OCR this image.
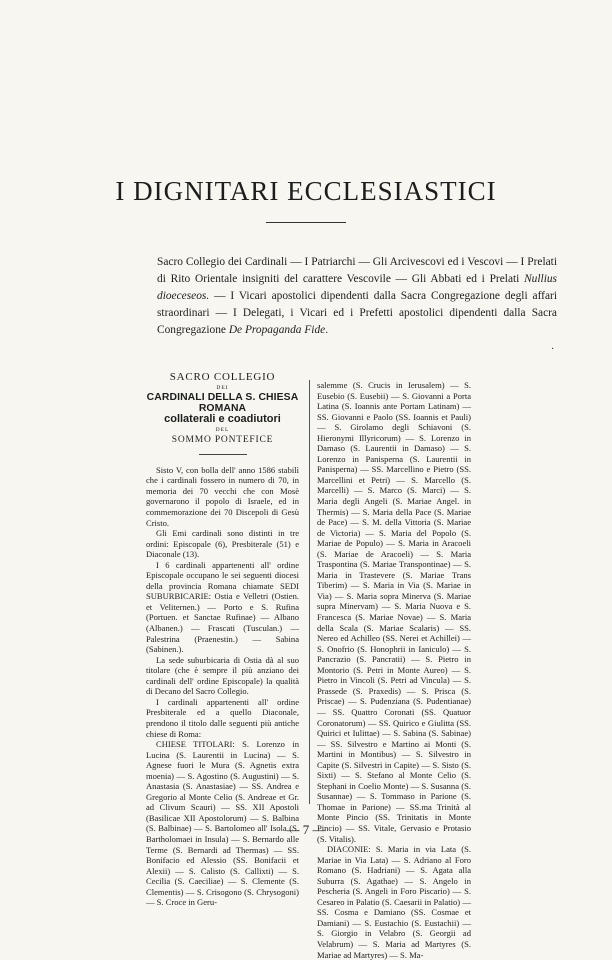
I DIGNITARI ECCLESIASTICI

Sacro Collegio dei Cardinali — I Patriarchi — Gli Arcivescovi ed i Vescovi — I Prelati di Rito Orientale insigniti del carattere Vescovile — Gli Abbati ed i Prelati Nullius dioeceseos. — I Vicari apostolici dipendenti dalla Sacra Congregazione degli affari straordinari — I Delegati, i Vicari ed i Prefetti apostolici dipendenti dalla Sacra Congregazione De Propaganda Fide.

·

SACRO COLLEGIO

DEI

CARDINALI DELLA S. CHIESA ROMANA

collaterali e coadiutori

DEL

SOMMO PONTEFICE

Sisto V, con bolla dell' anno 1586 stabilì che i cardinali fossero in numero di 70, in memoria dei 70 vecchi che con Mosè governarono il popolo di Israele, ed in commemorazione dei 70 Discepoli di Gesù Cristo.

Gli Emi cardinali sono distinti in tre ordini: Episcopale (6), Presbiterale (51) e Diaconale (13).

I 6 cardinali appartenenti all' ordine Episcopale occupano le sei seguenti diocesi della provincia Romana chiamate SEDI SUBURBICARIE: Ostia e Velletri (Ostien. et Veliternen.) — Porto e S. Rufina (Portuen. et Sanctae Rufinae) — Albano (Albanen.) — Frascati (Tusculan.) — Palestrina (Praenestin.) — Sabina (Sabinen.).

La sede suburbicaria di Ostia dà al suo titolare (che è sempre il più anziano dei cardinali dell' ordine Episcopale) la qualità di Decano del Sacro Collegio.

I cardinali appartenenti all' ordine Presbiterale ed a quello Diaconale, prendono il titolo dalle seguenti più antiche chiese di Roma:

CHIESE TITOLARI: S. Lorenzo in Lucina (S. Laurentii in Lucina) — S. Agnese fuori le Mura (S. Agnetis extra moenia) — S. Agostino (S. Augustini) — S. Anastasia (S. Anastasiae) — SS. Andrea e Gregorio al Monte Celio (S. Andreae et Gr. ad Clivum Scauri) — SS. XII Apostoli (Basilicae XII Apostolorum) — S. Balbina (S. Balbinae) — S. Bartolomeo all' Isola (S. Bartholomaei in Insula) — S. Bernardo alle Terme (S. Bernardi ad Thermas) — SS. Bonifacio ed Alessio (SS. Bonifacii et Alexii) — S. Calisto (S. Callixti) — S. Cecilia (S. Caeciliae) — S. Clemente (S. Clementis) — S. Crisogono (S. Chrysogoni) — S. Croce in Geru-

salemme (S. Crucis in Ierusalem) — S. Eusebio (S. Eusebii) — S. Giovanni a Porta Latina (S. Ioannis ante Portam Latinam) — SS. Giovanni e Paolo (SS. Ioannis et Pauli) — S. Girolamo degli Schiavoni (S. Hieronymi Illyricorum) — S. Lorenzo in Damaso (S. Laurentii in Damaso) — S. Lorenzo in Panisperna (S. Laurentii in Panisperna) — SS. Marcellino e Pietro (SS. Marcellini et Petri) — S. Marcello (S. Marcelli) — S. Marco (S. Marci) — S. Maria degli Angeli (S. Mariae Angel. in Thermis) — S. Maria della Pace (S. Mariae de Pace) — S. M. della Vittoria (S. Mariae de Victoria) — S. Maria del Popolo (S. Mariae de Populo) — S. Maria in Aracoeli (S. Mariae de Aracoeli) — S. Maria Traspontina (S. Mariae Transpontinae) — S. Maria in Trastevere (S. Mariae Trans Tiberim) — S. Maria in Via (S. Mariae in Via) — S. Maria sopra Minerva (S. Mariae supra Minervam) — S. Maria Nuova e S. Francesca (S. Mariae Novae) — S. Maria della Scala (S. Mariae Scalaris) — SS. Nereo ed Achilleo (SS. Nerei et Achillei) — S. Onofrio (S. Honophrii in Ianiculo) — S. Pancrazio (S. Pancratii) — S. Pietro in Montorio (S. Petri in Monte Aureo) — S. Pietro in Vincoli (S. Petri ad Vincula) — S. Prassede (S. Praxedis) — S. Prisca (S. Priscae) — S. Pudenziana (S. Pudentianae) — SS. Quattro Coronati (SS. Quatuor Coronatorum) — SS. Quirico e Giulitta (SS. Quirici et Iulittae) — S. Sabina (S. Sabinae) — SS. Silvestro e Martino ai Monti (S. Martini in Montibus) — S. Silvestro in Capite (S. Silvestri in Capite) — S. Sisto (S. Sixti) — S. Stefano al Monte Celio (S. Stephani in Coelio Monte) — S. Susanna (S. Susannae) — S. Tommaso in Parione (S. Thomae in Parione) — SS.ma Trinità al Monte Pincio (SS. Trinitatis in Monte Pincio) — SS. Vitale, Gervasio e Protasio (S. Vitalis).

DIACONIE: S. Maria in via Lata (S. Mariae in Via Lata) — S. Adriano al Foro Romano (S. Hadriani) — S. Agata alla Suburra (S. Agathae) — S. Angelo in Pescheria (S. Angeli in Foro Piscario) — S. Cesareo in Palatio (S. Caesarii in Palatio) — SS. Cosma e Damiano (SS. Cosmae et Damiani) — S. Eustachio (S. Eustachii) — S. Giorgio in Velabro (S. Georgii ad Velabrum) — S. Maria ad Martyres (S. Mariae ad Martyres) — S. Ma-

— 7 —
